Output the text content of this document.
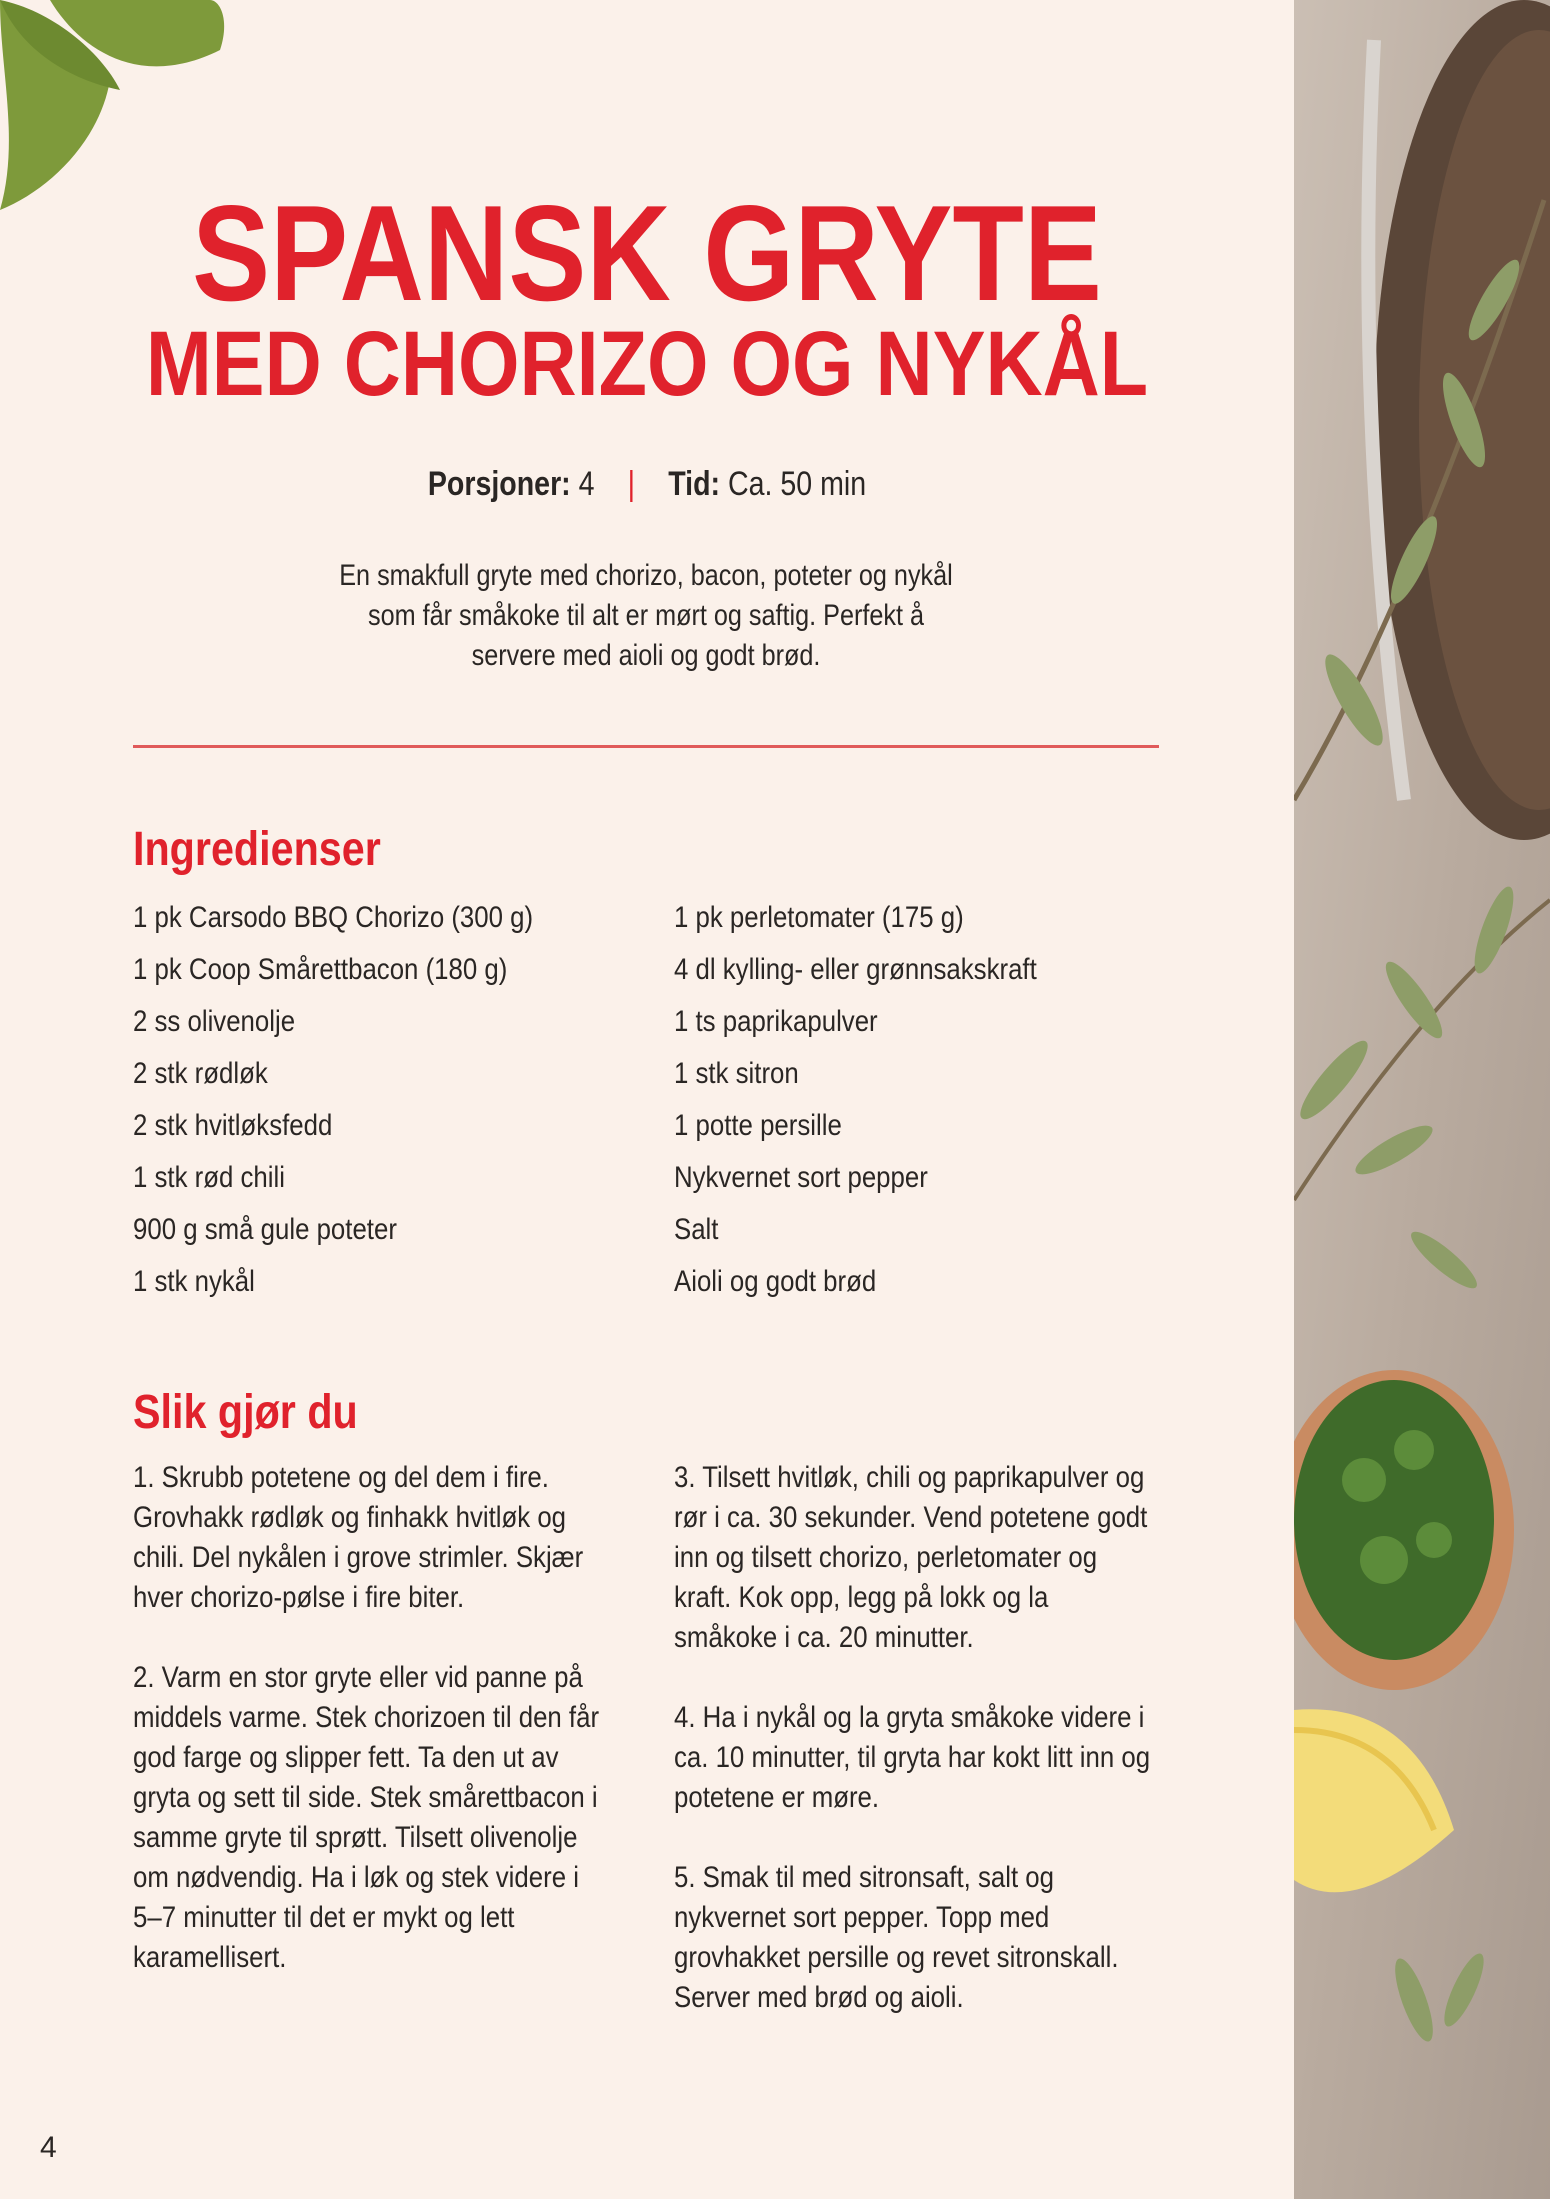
SPANSK GRYTE
MED CHORIZO OG NYKÅL
Porsjoner: 4 | Tid: Ca. 50 min
En smakfull gryte med chorizo, bacon, poteter og nykål som får småkoke til alt er mørt og saftig. Perfekt å servere med aioli og godt brød.
Ingredienser
1 pk Carsodo BBQ Chorizo (300 g)
1 pk Coop Smårettbacon (180 g)
2 ss olivenolje
2 stk rødløk
2 stk hvitløksfedd
1 stk rød chili
900 g små gule poteter
1 stk nykål
1 pk perletomater (175 g)
4 dl kylling- eller grønnsakskraft
1 ts paprikapulver
1 stk sitron
1 potte persille
Nykvernet sort pepper
Salt
Aioli og godt brød
Slik gjør du

1. Skrubb potetene og del dem i fire. Grovhakk rødløk og finhakk hvitløk og chili. Del nykålen i grove strimler. Skjær hver chorizo-pølse i fire biter.

2. Varm en stor gryte eller vid panne på middels varme. Stek chorizoen til den får god farge og slipper fett. Ta den ut av gryta og sett til side. Stek smårettbacon i samme gryte til sprøtt. Tilsett olivenolje om nødvendig. Ha i løk og stek videre i 5–7 minutter til det er mykt og lett karamellisert.

3. Tilsett hvitløk, chili og paprikapulver og rør i ca. 30 sekunder. Vend potetene godt inn og tilsett chorizo, perletomater og kraft. Kok opp, legg på lokk og la småkoke i ca. 20 minutter.

4. Ha i nykål og la gryta småkoke videre i ca. 10 minutter, til gryta har kokt litt inn og potetene er møre.

5. Smak til med sitronsaft, salt og nykvernet sort pepper. Topp med grovhakket persille og revet sitronskall. Server med brød og aioli.

4
